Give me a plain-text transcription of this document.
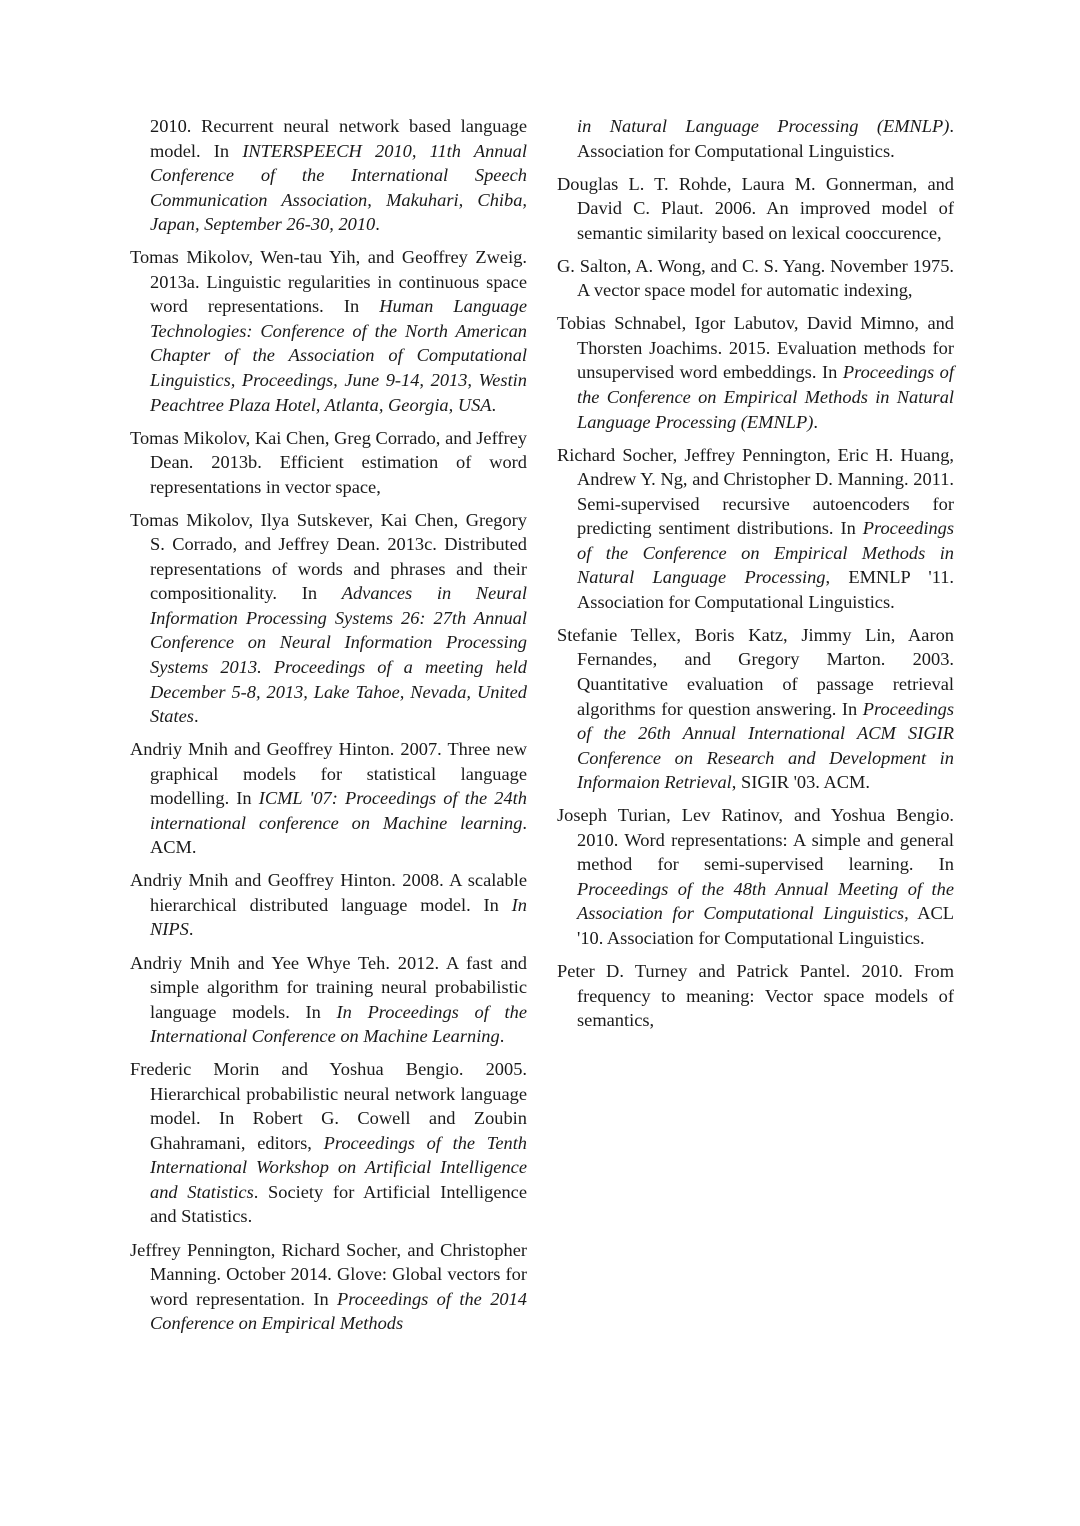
2010. Recurrent neural network based language model. In INTERSPEECH 2010, 11th Annual Conference of the International Speech Communication Association, Makuhari, Chiba, Japan, September 26-30, 2010.

Tomas Mikolov, Wen-tau Yih, and Geoffrey Zweig. 2013a. Linguistic regularities in continuous space word representations. In Human Language Technologies: Conference of the North American Chapter of the Association of Computational Linguistics, Proceedings, June 9-14, 2013, Westin Peachtree Plaza Hotel, Atlanta, Georgia, USA.

Tomas Mikolov, Kai Chen, Greg Corrado, and Jeffrey Dean. 2013b. Efficient estimation of word representations in vector space,

Tomas Mikolov, Ilya Sutskever, Kai Chen, Gregory S. Corrado, and Jeffrey Dean. 2013c. Distributed representations of words and phrases and their compositionality. In Advances in Neural Information Processing Systems 26: 27th Annual Conference on Neural Information Processing Systems 2013. Proceedings of a meeting held December 5-8, 2013, Lake Tahoe, Nevada, United States.

Andriy Mnih and Geoffrey Hinton. 2007. Three new graphical models for statistical language modelling. In ICML '07: Proceedings of the 24th international conference on Machine learning. ACM.

Andriy Mnih and Geoffrey Hinton. 2008. A scalable hierarchical distributed language model. In In NIPS.

Andriy Mnih and Yee Whye Teh. 2012. A fast and simple algorithm for training neural probabilistic language models. In In Proceedings of the International Conference on Machine Learning.

Frederic Morin and Yoshua Bengio. 2005. Hierarchical probabilistic neural network language model. In Robert G. Cowell and Zoubin Ghahramani, editors, Proceedings of the Tenth International Workshop on Artificial Intelligence and Statistics. Society for Artificial Intelligence and Statistics.

Jeffrey Pennington, Richard Socher, and Christopher Manning. October 2014. Glove: Global vectors for word representation. In Proceedings of the 2014 Conference on Empirical Methods

in Natural Language Processing (EMNLP). Association for Computational Linguistics.

Douglas L. T. Rohde, Laura M. Gonnerman, and David C. Plaut. 2006. An improved model of semantic similarity based on lexical cooccurence,

G. Salton, A. Wong, and C. S. Yang. November 1975. A vector space model for automatic indexing,

Tobias Schnabel, Igor Labutov, David Mimno, and Thorsten Joachims. 2015. Evaluation methods for unsupervised word embeddings. In Proceedings of the Conference on Empirical Methods in Natural Language Processing (EMNLP).

Richard Socher, Jeffrey Pennington, Eric H. Huang, Andrew Y. Ng, and Christopher D. Manning. 2011. Semi-supervised recursive autoencoders for predicting sentiment distributions. In Proceedings of the Conference on Empirical Methods in Natural Language Processing, EMNLP '11. Association for Computational Linguistics.

Stefanie Tellex, Boris Katz, Jimmy Lin, Aaron Fernandes, and Gregory Marton. 2003. Quantitative evaluation of passage retrieval algorithms for question answering. In Proceedings of the 26th Annual International ACM SIGIR Conference on Research and Development in Informaion Retrieval, SIGIR '03. ACM.

Joseph Turian, Lev Ratinov, and Yoshua Bengio. 2010. Word representations: A simple and general method for semi-supervised learning. In Proceedings of the 48th Annual Meeting of the Association for Computational Linguistics, ACL '10. Association for Computational Linguistics.

Peter D. Turney and Patrick Pantel. 2010. From frequency to meaning: Vector space models of semantics,
